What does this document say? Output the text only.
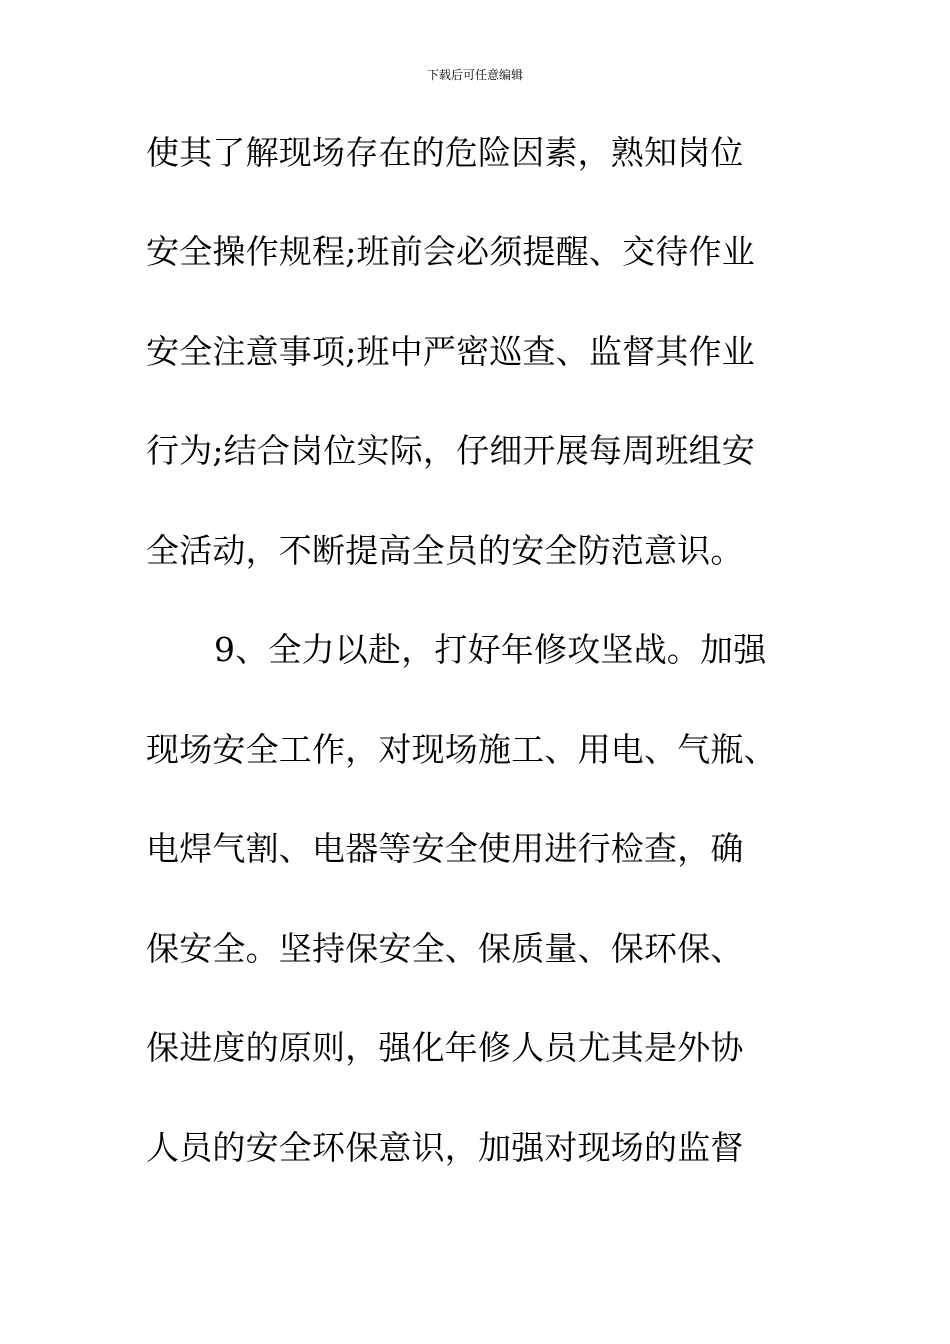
下载后可任意编辑
使其了解现场存在的危险因素，熟知岗位
安全操作规程;班前会必须提醒、交待作业
安全注意事项;班中严密巡查、监督其作业
行为;结合岗位实际，仔细开展每周班组安
全活动，不断提高全员的安全防范意识。
9、全力以赴，打好年修攻坚战。加强
现场安全工作，对现场施工、用电、气瓶、
电焊气割、电器等安全使用进行检查，确
保安全。坚持保安全、保质量、保环保、
保进度的原则，强化年修人员尤其是外协
人员的安全环保意识，加强对现场的监督
